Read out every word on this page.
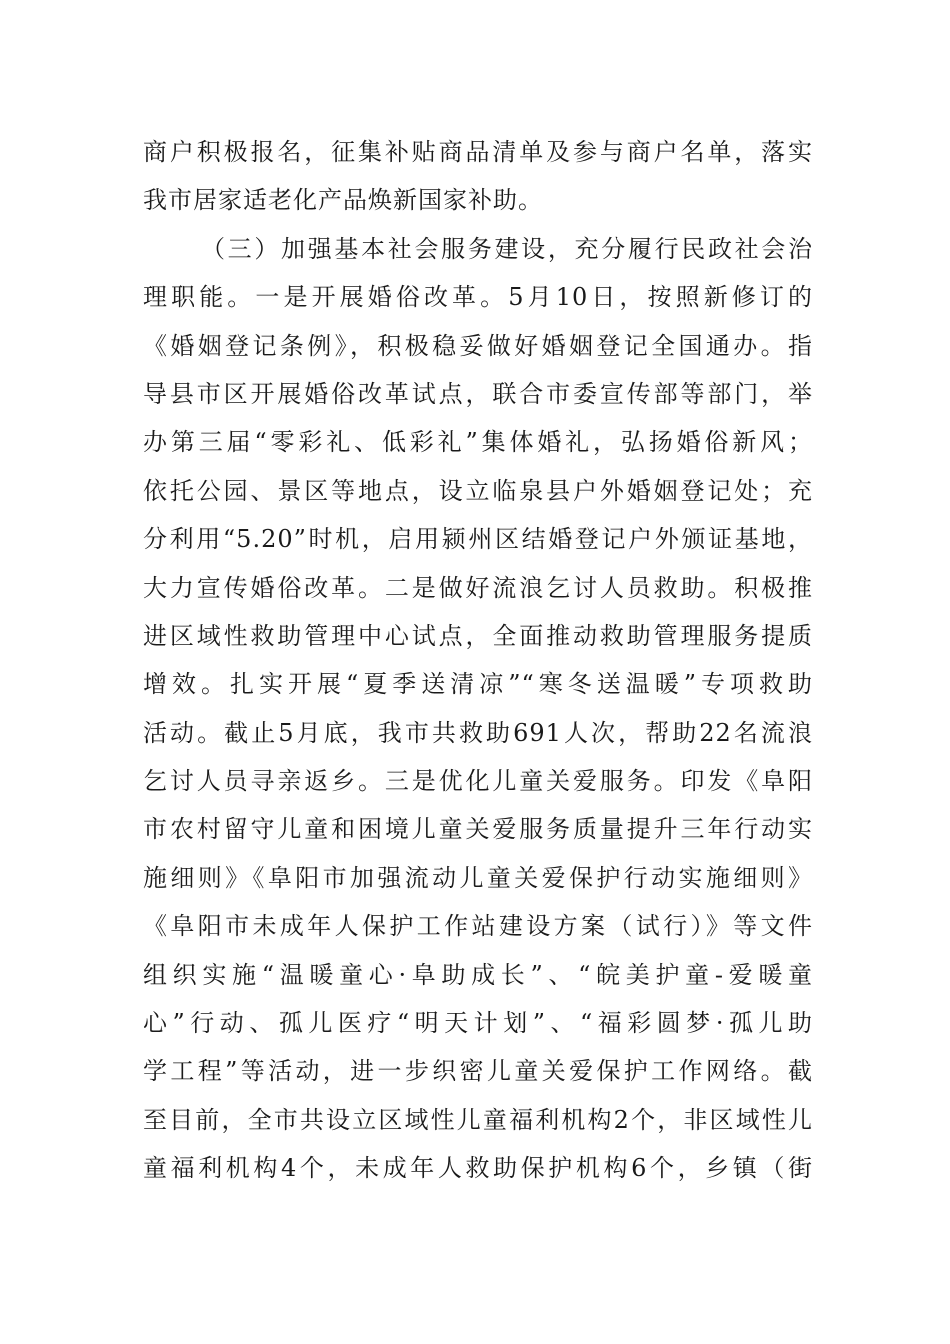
商户积极报名，征集补贴商品清单及参与商户名单，落实
我市居家适老化产品焕新国家补助。
（三）加强基本社会服务建设，充分履行民政社会治
理职能。一是开展婚俗改革。5月10日，按照新修订的
《婚姻登记条例》，积极稳妥做好婚姻登记全国通办。指
导县市区开展婚俗改革试点，联合市委宣传部等部门，举
办第三届“零彩礼、低彩礼”集体婚礼，弘扬婚俗新风；
依托公园、景区等地点，设立临泉县户外婚姻登记处；充
分利用“5.20”时机，启用颍州区结婚登记户外颁证基地，
大力宣传婚俗改革。二是做好流浪乞讨人员救助。积极推
进区域性救助管理中心试点，全面推动救助管理服务提质
增效。扎实开展“夏季送清凉”“寒冬送温暖”专项救助
活动。截止5月底，我市共救助691人次，帮助22名流浪
乞讨人员寻亲返乡。三是优化儿童关爱服务。印发《阜阳
市农村留守儿童和困境儿童关爱服务质量提升三年行动实
施细则》《阜阳市加强流动儿童关爱保护行动实施细则》
《阜阳市未成年人保护工作站建设方案（试行）》等文件
组织实施“温暖童心·阜助成长”、“皖美护童-爱暖童
心”行动、孤儿医疗“明天计划”、“福彩圆梦·孤儿助
学工程”等活动，进一步织密儿童关爱保护工作网络。截
至目前，全市共设立区域性儿童福利机构2个，非区域性儿
童福利机构4个，未成年人救助保护机构6个，乡镇（街
